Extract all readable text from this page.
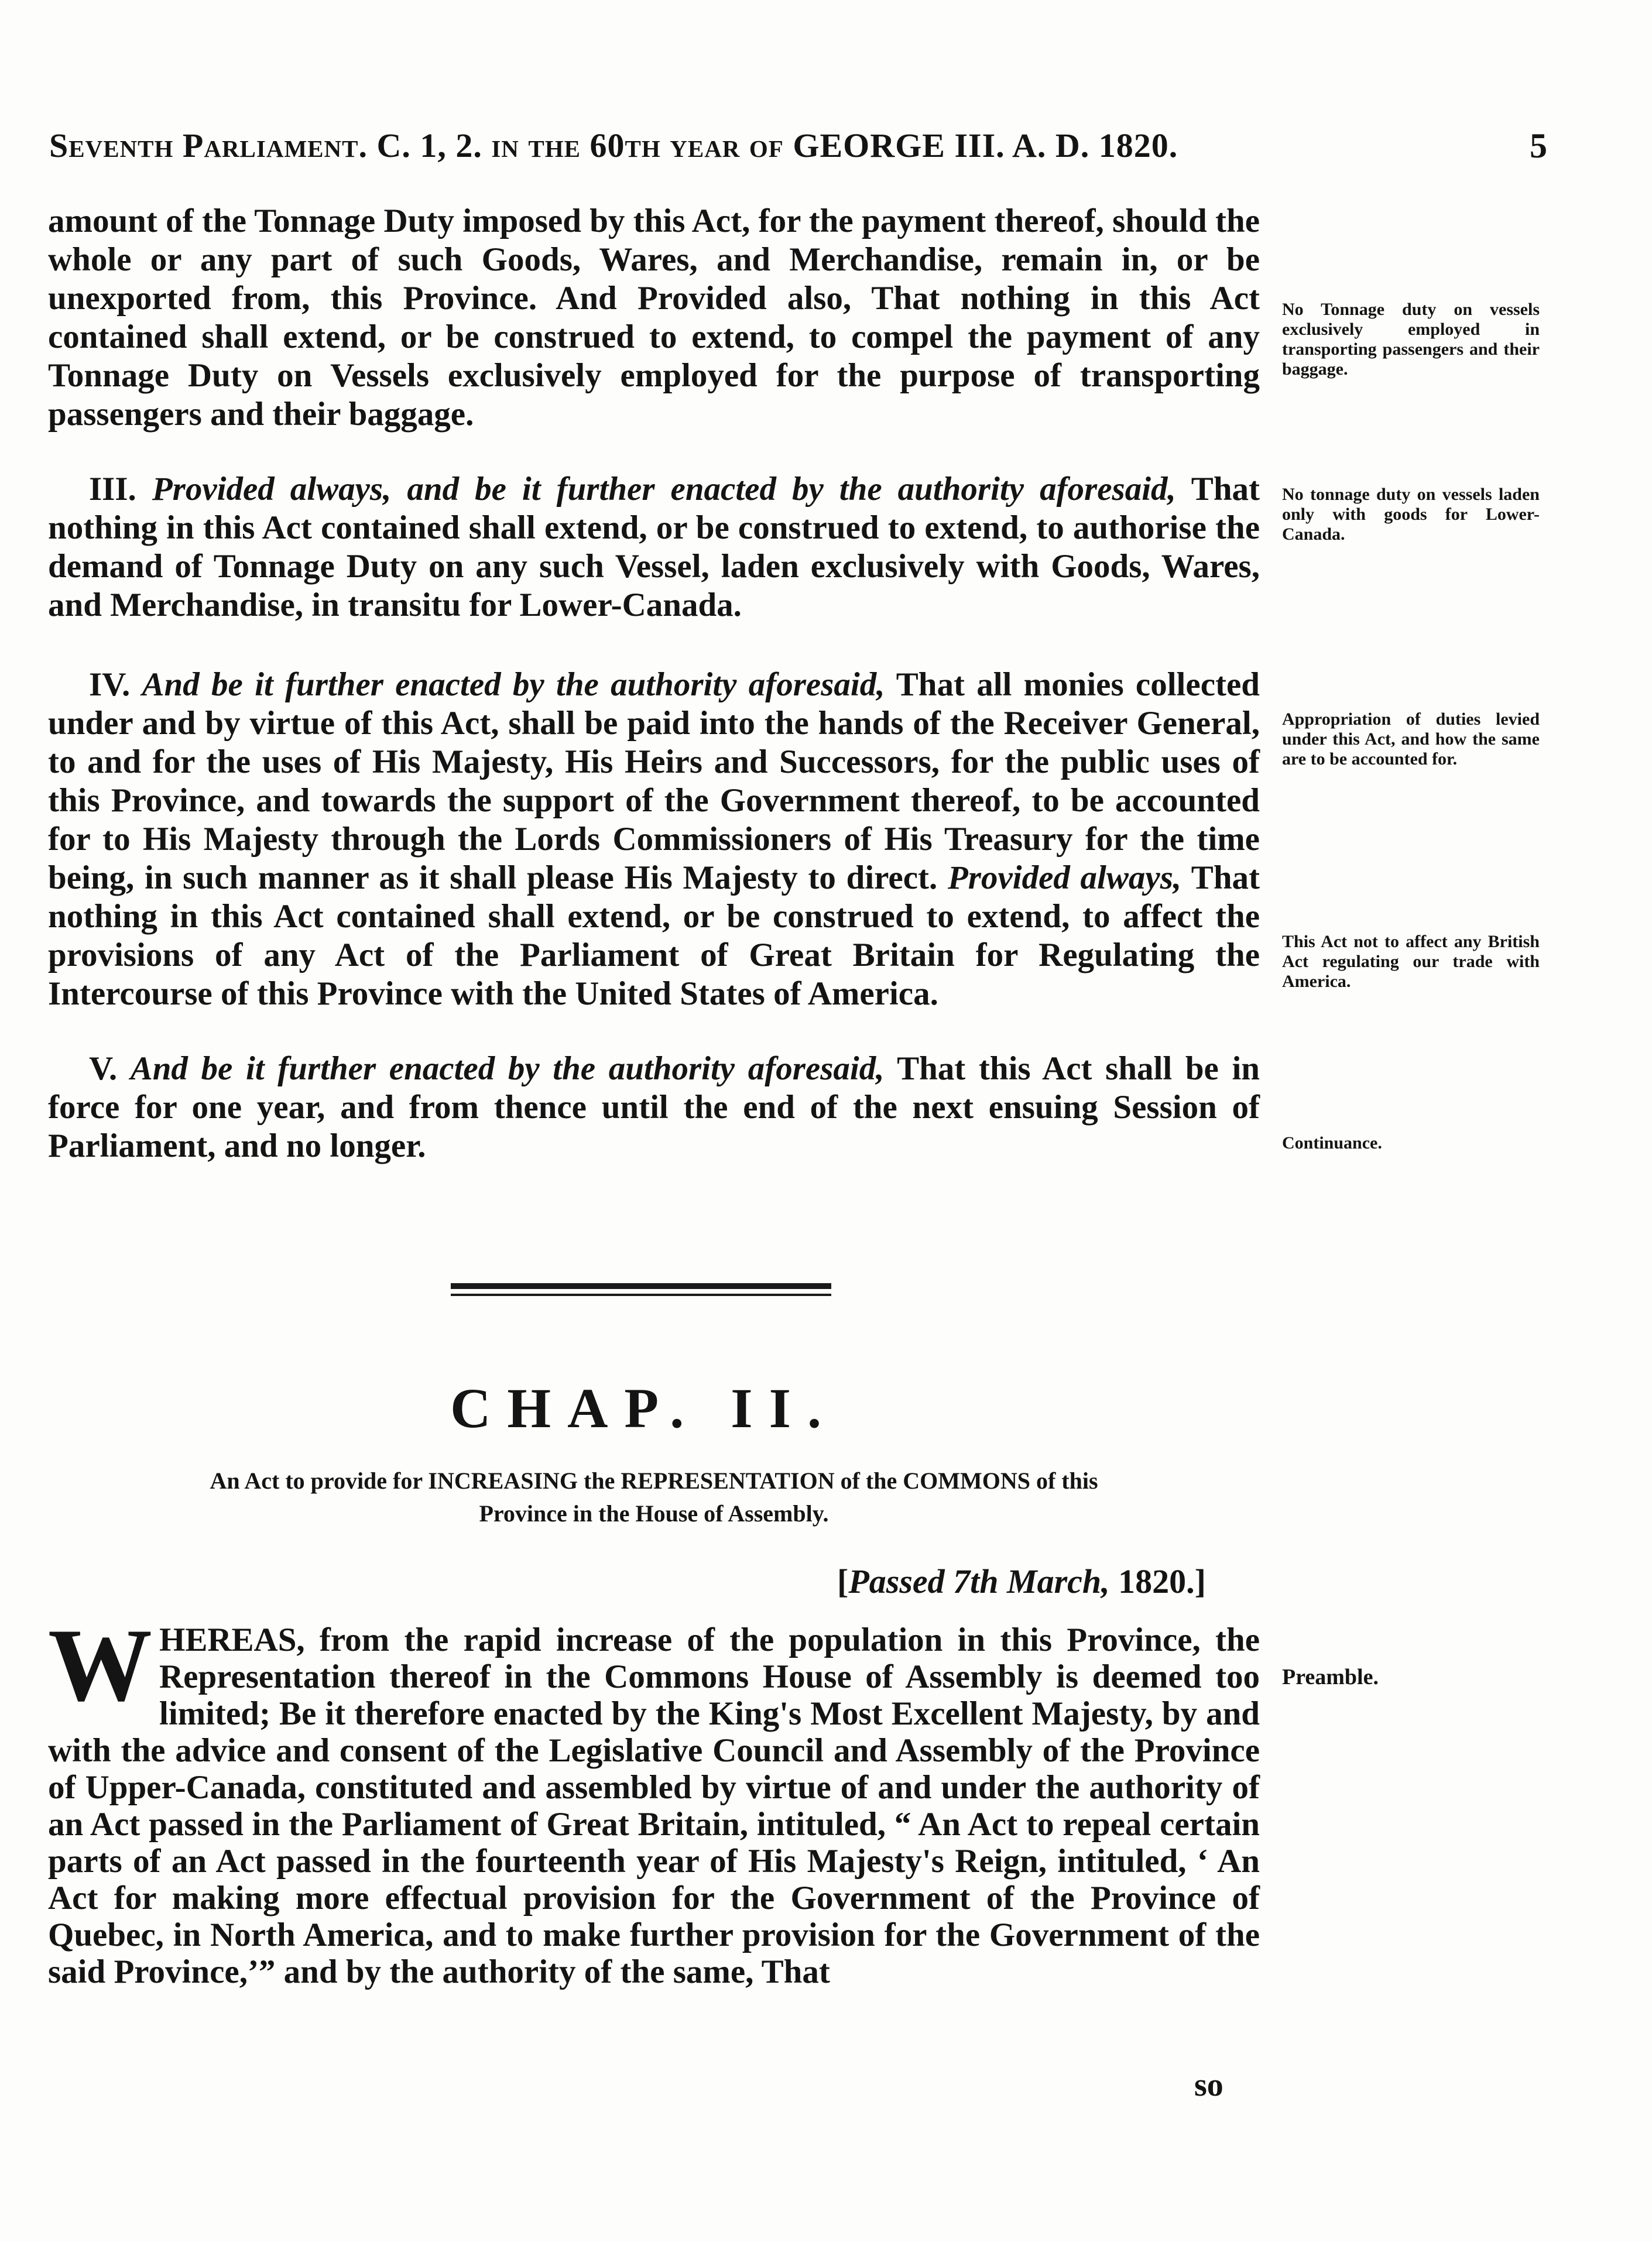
Seventh Parliament. C. 1, 2. in the 60th year of GEORGE III. A. D. 1820.	5

amount of the Tonnage Duty imposed by this Act, for the payment thereof, should the whole or any part of such Goods, Wares, and Merchandise, remain in, or be unexported from, this Province. And Provided also, That nothing in this Act contained shall extend, or be construed to extend, to compel the payment of any Tonnage Duty on Vessels exclusively employed for the purpose of transporting passengers and their baggage.

III. Provided always, and be it further enacted by the authority aforesaid, That nothing in this Act contained shall extend, or be construed to extend, to authorise the demand of Tonnage Duty on any such Vessel, laden exclusively with Goods, Wares, and Merchandise, in transitu for Lower-Canada.

IV. And be it further enacted by the authority aforesaid, That all monies collected under and by virtue of this Act, shall be paid into the hands of the Receiver General, to and for the uses of His Majesty, His Heirs and Successors, for the public uses of this Province, and towards the support of the Government thereof, to be accounted for to His Majesty through the Lords Commissioners of His Treasury for the time being, in such manner as it shall please His Majesty to direct. Provided always, That nothing in this Act contained shall extend, or be construed to extend, to affect the provisions of any Act of the Parliament of Great Britain for Regulating the Intercourse of this Province with the United States of America.

V. And be it further enacted by the authority aforesaid, That this Act shall be in force for one year, and from thence until the end of the next ensuing Session of Parliament, and no longer.

No Tonnage duty on vessels exclusively employed in transporting passengers and their baggage.
No tonnage duty on vessels laden only with goods for Lower-Canada.
Appropriation of duties levied under this Act, and how the same are to be accounted for.
This Act not to affect any British Act regulating our trade with America.
Continuance.
Preamble.
CHAP. II.
An Act to provide for INCREASING the REPRESENTATION of the COMMONS of this
Province in the House of Assembly.
[Passed 7th March, 1820.]
W HEREAS, from the rapid increase of the population in this Province, the Representation thereof in the Commons House of Assembly is deemed too limited; Be it therefore enacted by the King's Most Excellent Majesty, by and with the advice and consent of the Legislative Council and Assembly of the Province of Upper-Canada, constituted and assembled by virtue of and under the authority of an Act passed in the Parliament of Great Britain, intituled, “ An Act to repeal certain parts of an Act passed in the fourteenth year of His Majesty's Reign, intituled, ‘ An Act for making more effectual provision for the Government of the Province of Quebec, in North America, and to make further provision for the Government of the said Province,’” and by the authority of the same, That
so
